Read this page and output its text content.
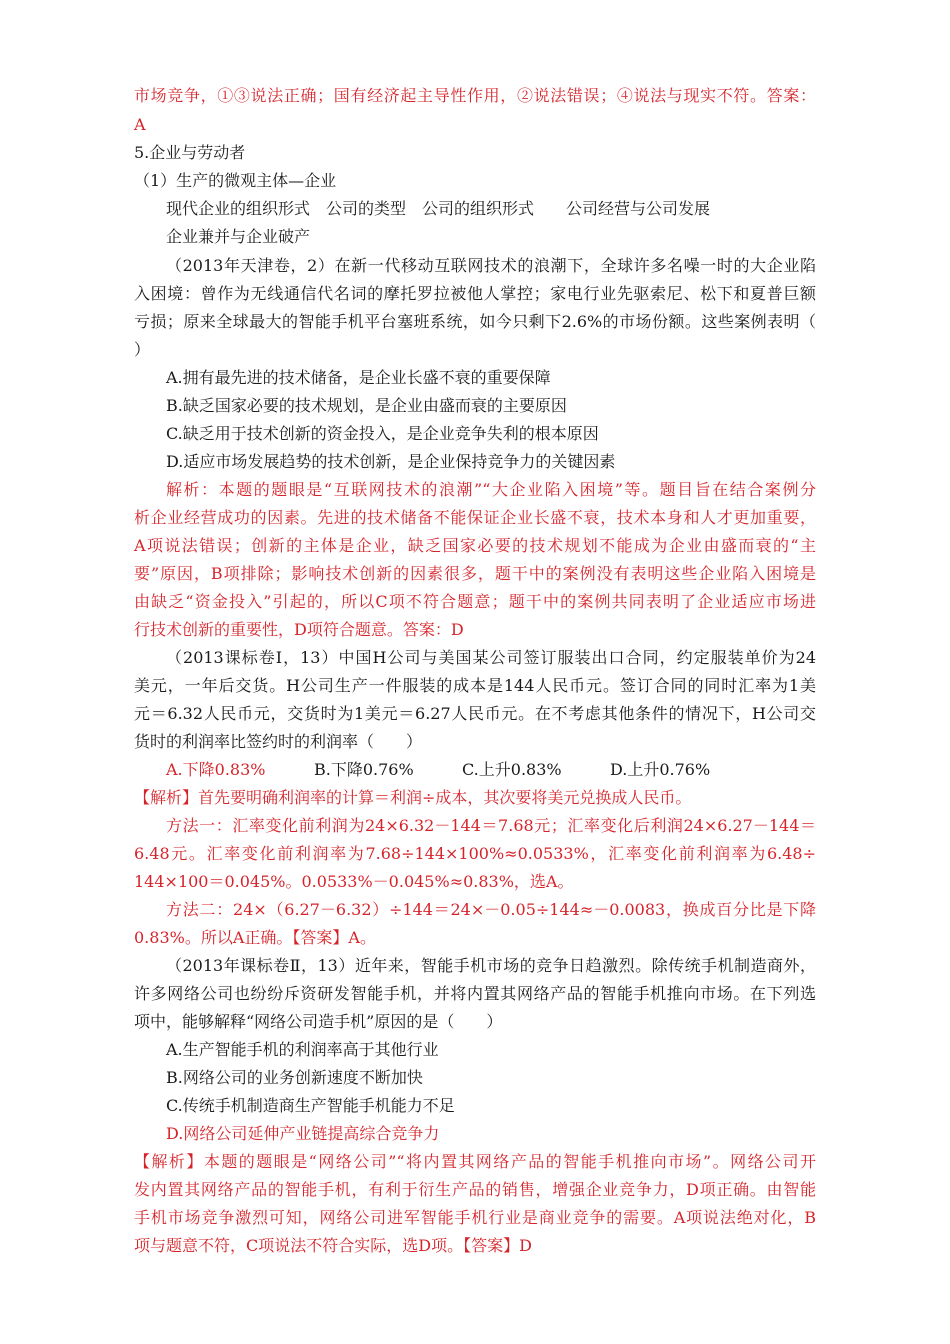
市场竞争，①③说法正确；国有经济起主导性作用，②说法错误；④说法与现实不符。答案：

A

5.企业与劳动者

（1）生产的微观主体—企业

现代企业的组织形式　公司的类型　公司的组织形式　　公司经营与公司发展

企业兼并与企业破产

（2013年天津卷，2）在新一代移动互联网技术的浪潮下，全球许多名噪一时的大企业陷

入困境：曾作为无线通信代名词的摩托罗拉被他人掌控；家电行业先驱索尼、松下和夏普巨额

亏损；原来全球最大的智能手机平台塞班系统，如今只剩下2.6%的市场份额。这些案例表明（

）

A.拥有最先进的技术储备，是企业长盛不衰的重要保障

B.缺乏国家必要的技术规划，是企业由盛而衰的主要原因

C.缺乏用于技术创新的资金投入，是企业竞争失利的根本原因

D.适应市场发展趋势的技术创新，是企业保持竞争力的关键因素

解析：本题的题眼是“互联网技术的浪潮”“大企业陷入困境”等。题目旨在结合案例分

析企业经营成功的因素。先进的技术储备不能保证企业长盛不衰，技术本身和人才更加重要，

A项说法错误；创新的主体是企业，缺乏国家必要的技术规划不能成为企业由盛而衰的“主

要”原因，B项排除；影响技术创新的因素很多，题干中的案例没有表明这些企业陷入困境是

由缺乏“资金投入”引起的，所以C项不符合题意；题干中的案例共同表明了企业适应市场进

行技术创新的重要性，D项符合题意。答案：D

（2013课标卷Ⅰ，13）中国H公司与美国某公司签订服装出口合同，约定服装单价为24

美元，一年后交货。H公司生产一件服装的成本是144人民币元。签订合同的同时汇率为1美

元＝6.32人民币元，交货时为1美元＝6.27人民币元。在不考虑其他条件的情况下，H公司交

货时的利润率比签约时的利润率（　　）

A.下降0.83%	B.下降0.76%	C.上升0.83%	D.上升0.76%

【解析】首先要明确利润率的计算＝利润÷成本，其次要将美元兑换成人民币。

方法一：汇率变化前利润为24×6.32－144＝7.68元；汇率变化后利润24×6.27－144＝

6.48元。汇率变化前利润率为7.68÷144×100%≈0.0533%，汇率变化前利润率为6.48÷

144×100＝0.045%。0.0533%－0.045%≈0.83%，选A。

方法二：24×（6.27－6.32）÷144＝24×－0.05÷144≈－0.0083，换成百分比是下降

0.83%。所以A正确。【答案】A。

（2013年课标卷Ⅱ，13）近年来，智能手机市场的竞争日趋激烈。除传统手机制造商外，

许多网络公司也纷纷斥资研发智能手机，并将内置其网络产品的智能手机推向市场。在下列选

项中，能够解释“网络公司造手机”原因的是（　　）

A.生产智能手机的利润率高于其他行业

B.网络公司的业务创新速度不断加快

C.传统手机制造商生产智能手机能力不足

D.网络公司延伸产业链提高综合竞争力

【解析】本题的题眼是“网络公司”“将内置其网络产品的智能手机推向市场”。网络公司开

发内置其网络产品的智能手机，有利于衍生产品的销售，增强企业竞争力，D项正确。由智能

手机市场竞争激烈可知，网络公司进军智能手机行业是商业竞争的需要。A项说法绝对化，B

项与题意不符，C项说法不符合实际，选D项。【答案】D
